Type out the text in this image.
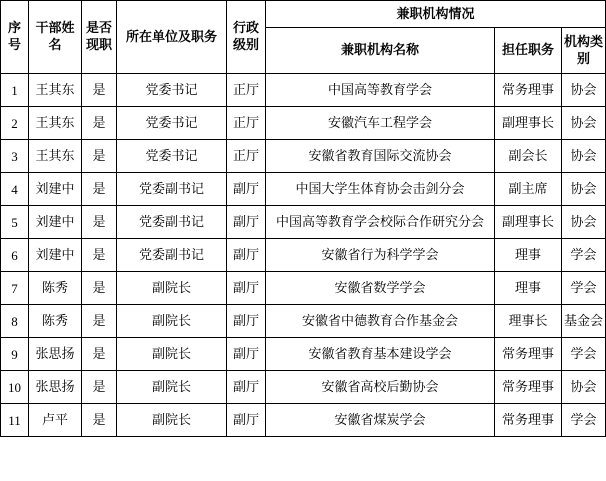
序号	干部姓名	是否现职	所在单位及职务	行政级别	兼职机构情况		
					兼职机构名称	担任职务	机构类别
1	王其东	是	党委书记	正厅	中国高等教育学会	常务理事	协会
2	王其东	是	党委书记	正厅	安徽汽车工程学会	副理事长	协会
3	王其东	是	党委书记	正厅	安徽省教育国际交流协会	副会长	协会
4	刘建中	是	党委副书记	副厅	中国大学生体育协会击剑分会	副主席	协会
5	刘建中	是	党委副书记	副厅	中国高等教育学会校际合作研究分会	副理事长	协会
6	刘建中	是	党委副书记	副厅	安徽省行为科学学会	理事	学会
7	陈秀	是	副院长	副厅	安徽省数学学会	理事	学会
8	陈秀	是	副院长	副厅	安徽省中德教育合作基金会	理事长	基金会
9	张思扬	是	副院长	副厅	安徽省教育基本建设学会	常务理事	学会
10	张思扬	是	副院长	副厅	安徽省高校后勤协会	常务理事	协会
11	卢平	是	副院长	副厅	安徽省煤炭学会	常务理事	学会
